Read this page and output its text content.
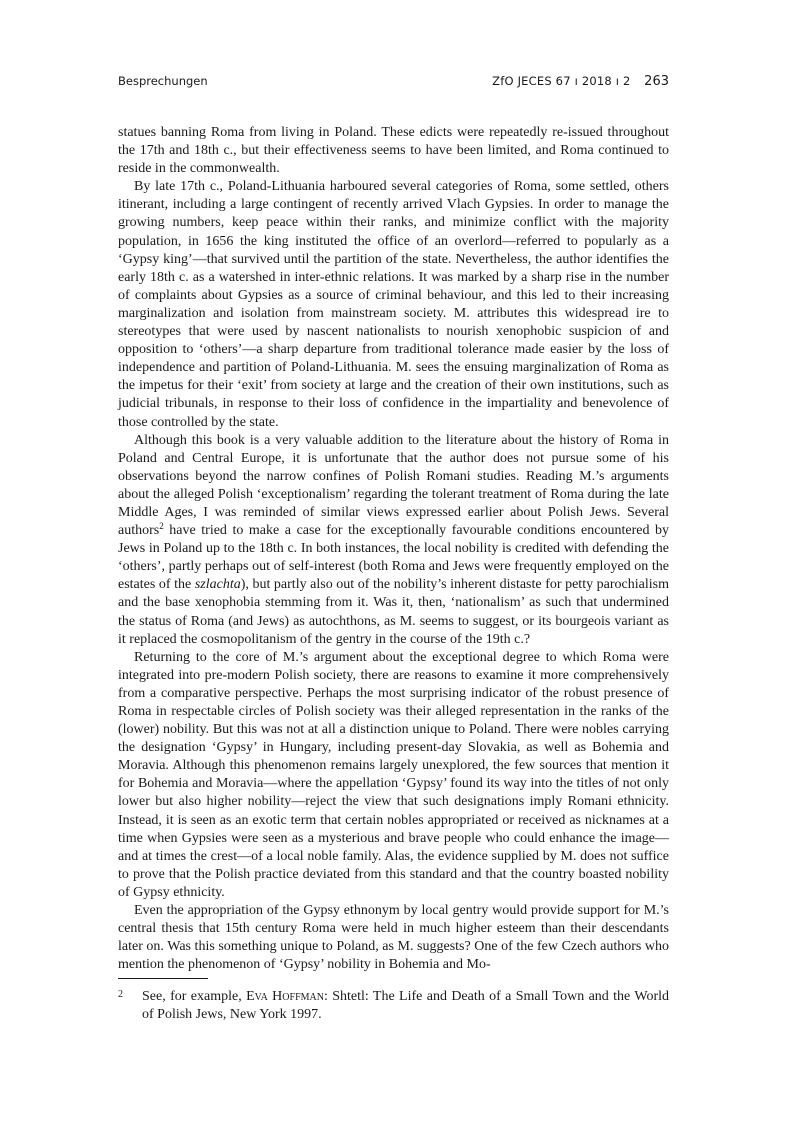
Besprechungen	ZfO JECES 67 ı 2018 ı 2 263

statues banning Roma from living in Poland. These edicts were repeatedly re-issued throughout the 17th and 18th c., but their effectiveness seems to have been limited, and Roma continued to reside in the commonwealth.

By late 17th c., Poland-Lithuania harboured several categories of Roma, some settled, others itinerant, including a large contingent of recently arrived Vlach Gypsies. In order to manage the growing numbers, keep peace within their ranks, and minimize conflict with the majority population, in 1656 the king instituted the office of an overlord—referred to popularly as a ‘Gypsy king’—that survived until the partition of the state. Nevertheless, the author identifies the early 18th c. as a watershed in inter-ethnic relations. It was marked by a sharp rise in the number of complaints about Gypsies as a source of criminal behaviour, and this led to their increasing marginalization and isolation from mainstream society. M. attributes this widespread ire to stereotypes that were used by nascent nationalists to nourish xenophobic suspicion of and opposition to ‘others’—a sharp departure from traditional tolerance made easier by the loss of independence and partition of Poland-Lithuania. M. sees the ensuing marginalization of Roma as the impetus for their ‘exit’ from society at large and the creation of their own institutions, such as judicial tribunals, in response to their loss of confidence in the impartiality and benevolence of those controlled by the state.

Although this book is a very valuable addition to the literature about the history of Roma in Poland and Central Europe, it is unfortunate that the author does not pursue some of his observations beyond the narrow confines of Polish Romani studies. Reading M.’s arguments about the alleged Polish ‘exceptionalism’ regarding the tolerant treatment of Roma during the late Middle Ages, I was reminded of similar views expressed earlier about Polish Jews. Several authors$^2$ have tried to make a case for the exceptionally favourable conditions encountered by Jews in Poland up to the 18th c. In both instances, the local nobility is credited with defending the ‘others’, partly perhaps out of self-interest (both Roma and Jews were frequently employed on the estates of the szlachta), but partly also out of the nobility’s inherent distaste for petty parochialism and the base xenophobia stemming from it. Was it, then, ‘nationalism’ as such that undermined the status of Roma (and Jews) as autochthons, as M. seems to suggest, or its bourgeois variant as it replaced the cosmopolitanism of the gentry in the course of the 19th c.?

Returning to the core of M.’s argument about the exceptional degree to which Roma were integrated into pre-modern Polish society, there are reasons to examine it more comprehensively from a comparative perspective. Perhaps the most surprising indicator of the robust presence of Roma in respectable circles of Polish society was their alleged representation in the ranks of the (lower) nobility. But this was not at all a distinction unique to Poland. There were nobles carrying the designation ‘Gypsy’ in Hungary, including present-day Slovakia, as well as Bohemia and Moravia. Although this phenomenon remains largely unexplored, the few sources that mention it for Bohemia and Moravia—where the appellation ‘Gypsy’ found its way into the titles of not only lower but also higher nobility—reject the view that such designations imply Romani ethnicity. Instead, it is seen as an exotic term that certain nobles appropriated or received as nicknames at a time when Gypsies were seen as a mysterious and brave people who could enhance the image—and at times the crest—of a local noble family. Alas, the evidence supplied by M. does not suffice to prove that the Polish practice deviated from this standard and that the country boasted nobility of Gypsy ethnicity.

Even the appropriation of the Gypsy ethnonym by local gentry would provide support for M.’s central thesis that 15th century Roma were held in much higher esteem than their descendants later on. Was this something unique to Poland, as M. suggests? One of the few Czech authors who mention the phenomenon of ‘Gypsy’ nobility in Bohemia and Mo-

2 See, for example, Eva Hoffman: Shtetl: The Life and Death of a Small Town and the World of Polish Jews, New York 1997.
